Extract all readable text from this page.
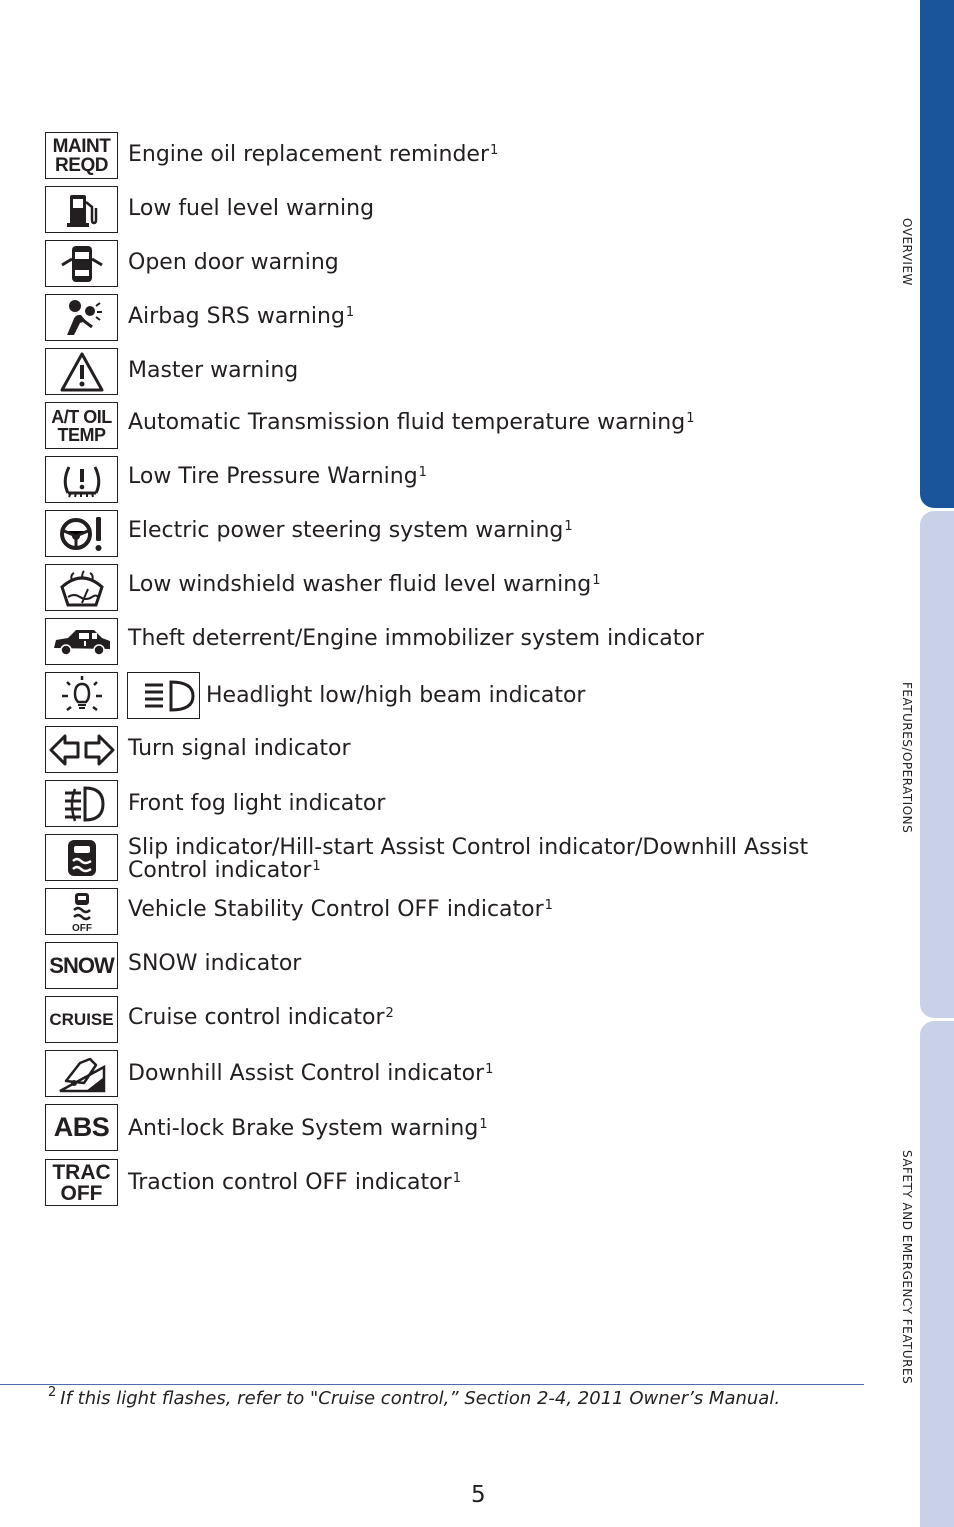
MAINT
REQD Engine oil replacement reminder$^1$
Low fuel level warning
Open door warning
Airbag SRS warning$^1$
Master warning
A/T OIL
TEMP Automatic Transmission fluid temperature warning$^1$
Low Tire Pressure Warning$^1$
Electric power steering system warning$^1$
Low windshield washer fluid level warning$^1$
Theft deterrent/Engine immobilizer system indicator
Headlight low/high beam indicator
Turn signal indicator
Front fog light indicator
Slip indicator/Hill-start Assist Control indicator/Downhill Assist
Control indicator$^1$
OFF
Vehicle Stability Control OFF indicator$^1$
SNOW SNOW indicator
CRUISE Cruise control indicator$^2$
Downhill Assist Control indicator$^1$
ABS Anti-lock Brake System warning$^1$
TRAC
OFF	Traction control OFF indicator$^1$
$^2$ If this light flashes, refer to "Cruise control,” Section 2-4, 2011 Owner’s Manual.
5
OVERVIEW
FEATURES/OPERATIONS
SAFETY AND EMERGENCY FEATURES
